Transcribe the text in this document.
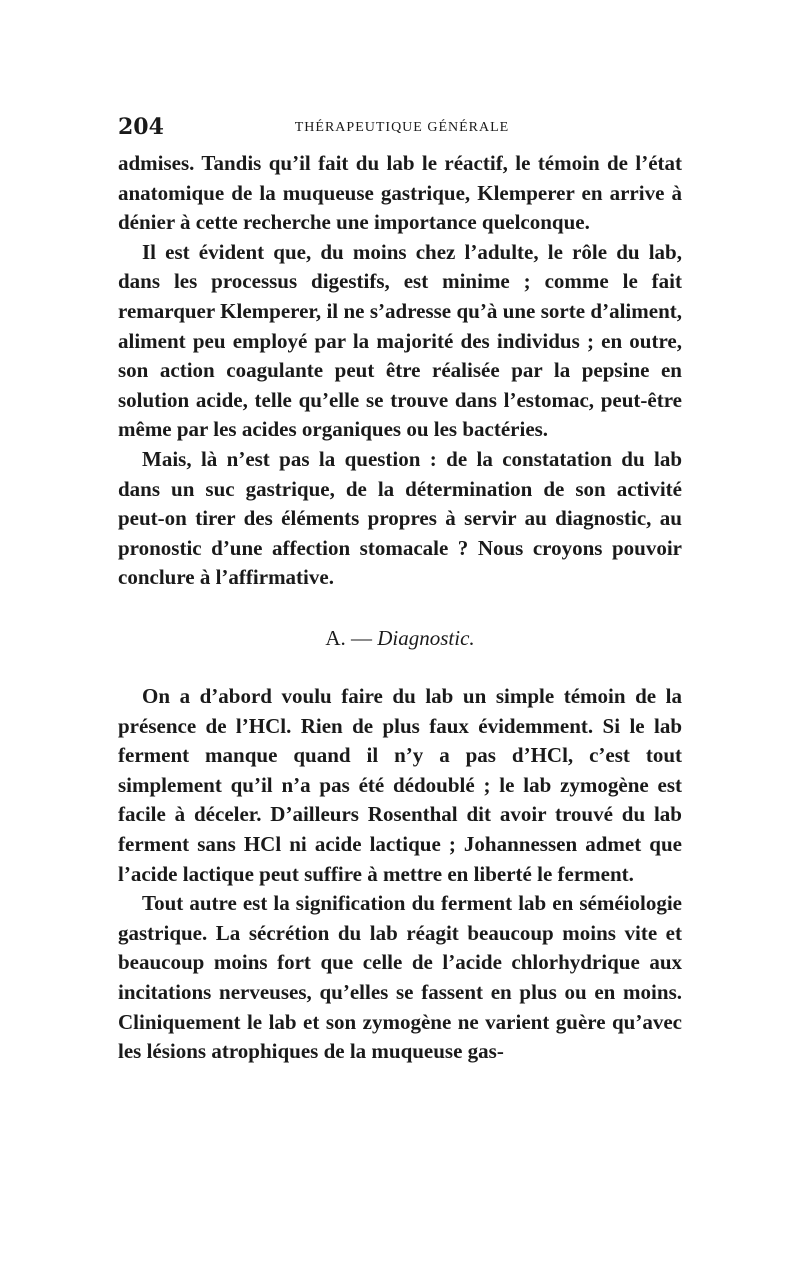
204	THÉRAPEUTIQUE GÉNÉRALE

admises. Tandis qu’il fait du lab le réactif, le témoin de l’état anatomique de la muqueuse gastrique, Klemperer en arrive à dénier à cette recherche une importance quelconque.

Il est évident que, du moins chez l’adulte, le rôle du lab, dans les processus digestifs, est minime ; comme le fait remarquer Klemperer, il ne s’adresse qu’à une sorte d’aliment, aliment peu employé par la majorité des individus ; en outre, son action coagulante peut être réalisée par la pepsine en solution acide, telle qu’elle se trouve dans l’estomac, peut-être même par les acides organiques ou les bactéries.

Mais, là n’est pas la question : de la constatation du lab dans un suc gastrique, de la détermination de son activité peut-on tirer des éléments propres à servir au diagnostic, au pronostic d’une affection stomacale ? Nous croyons pouvoir conclure à l’affirmative.

A. — Diagnostic.

On a d’abord voulu faire du lab un simple témoin de la présence de l’HCl. Rien de plus faux évidemment. Si le lab ferment manque quand il n’y a pas d’HCl, c’est tout simplement qu’il n’a pas été dédoublé ; le lab zymogène est facile à déceler. D’ailleurs Rosenthal dit avoir trouvé du lab ferment sans HCl ni acide lactique ; Johannessen admet que l’acide lactique peut suffire à mettre en liberté le ferment.

Tout autre est la signification du ferment lab en séméiologie gastrique. La sécrétion du lab réagit beaucoup moins vite et beaucoup moins fort que celle de l’acide chlorhydrique aux incitations nerveuses, qu’elles se fassent en plus ou en moins. Cliniquement le lab et son zymogène ne varient guère qu’avec les lésions atrophiques de la muqueuse gas-
